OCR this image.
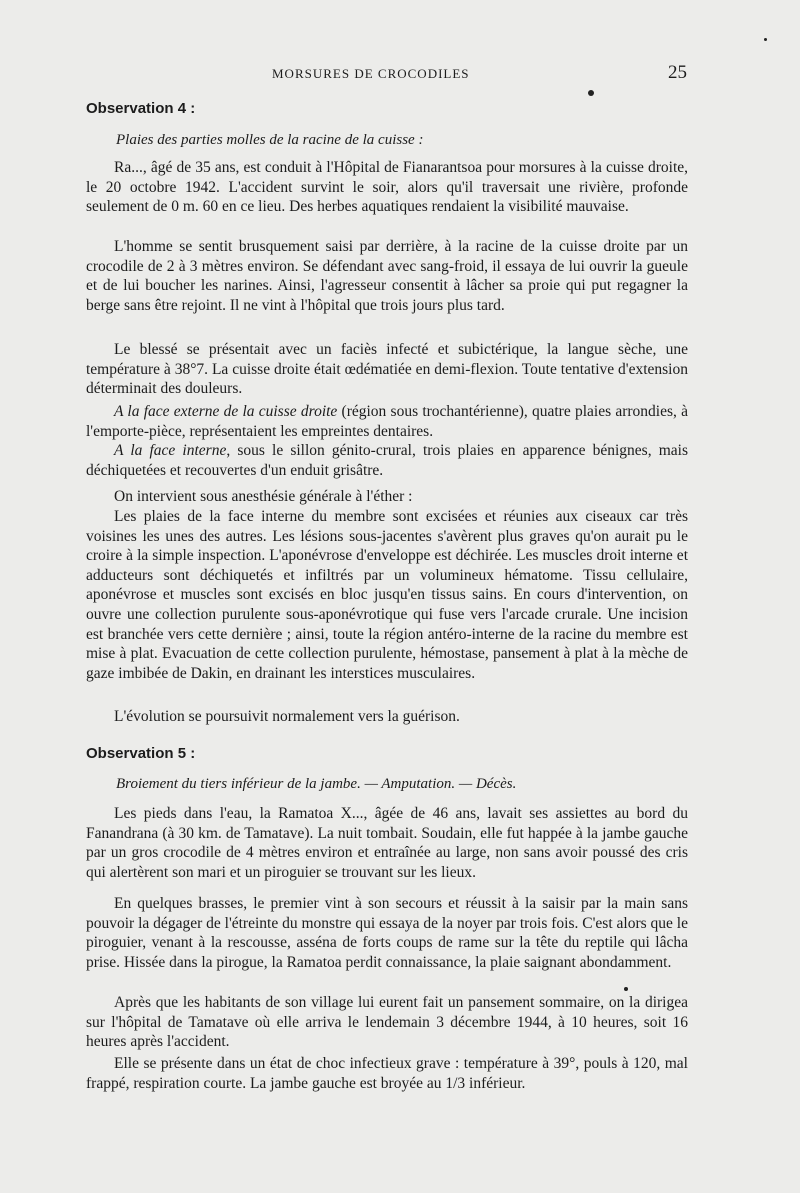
MORSURES DE CROCODILES	25
Observation 4 :
Plaies des parties molles de la racine de la cuisse :

Ra..., âgé de 35 ans, est conduit à l'Hôpital de Fianarantsoa pour morsures à la cuisse droite, le 20 octobre 1942. L'accident survint le soir, alors qu'il traversait une rivière, profonde seulement de 0 m. 60 en ce lieu. Des herbes aquatiques rendaient la visibilité mauvaise.

L'homme se sentit brusquement saisi par derrière, à la racine de la cuisse droite par un crocodile de 2 à 3 mètres environ. Se défendant avec sang-froid, il essaya de lui ouvrir la gueule et de lui boucher les narines. Ainsi, l'agresseur consentit à lâcher sa proie qui put regagner la berge sans être rejoint. Il ne vint à l'hôpital que trois jours plus tard.

Le blessé se présentait avec un faciès infecté et subictérique, la langue sèche, une température à 38°7. La cuisse droite était œdématiée en demi-flexion. Toute tentative d'extension déterminait des douleurs.

A la face externe de la cuisse droite (région sous trochantérienne), quatre plaies arrondies, à l'emporte-pièce, représentaient les empreintes dentaires.

A la face interne, sous le sillon génito-crural, trois plaies en apparence bénignes, mais déchiquetées et recouvertes d'un enduit grisâtre.

On intervient sous anesthésie générale à l'éther :

Les plaies de la face interne du membre sont excisées et réunies aux ciseaux car très voisines les unes des autres. Les lésions sous-jacentes s'avèrent plus graves qu'on aurait pu le croire à la simple inspection. L'aponévrose d'enveloppe est déchirée. Les muscles droit interne et adducteurs sont déchiquetés et infiltrés par un volumineux hématome. Tissu cellulaire, aponévrose et muscles sont excisés en bloc jusqu'en tissus sains. En cours d'intervention, on ouvre une collection purulente sous-aponévrotique qui fuse vers l'arcade crurale. Une incision est branchée vers cette dernière ; ainsi, toute la région antéro-interne de la racine du membre est mise à plat. Evacuation de cette collection purulente, hémostase, pansement à plat à la mèche de gaze imbibée de Dakin, en drainant les interstices musculaires.

L'évolution se poursuivit normalement vers la guérison.

Observation 5 :
Broiement du tiers inférieur de la jambe. — Amputation. — Décès.

Les pieds dans l'eau, la Ramatoa X..., âgée de 46 ans, lavait ses assiettes au bord du Fanandrana (à 30 km. de Tamatave). La nuit tombait. Soudain, elle fut happée à la jambe gauche par un gros crocodile de 4 mètres environ et entraînée au large, non sans avoir poussé des cris qui alertèrent son mari et un piroguier se trouvant sur les lieux.

En quelques brasses, le premier vint à son secours et réussit à la saisir par la main sans pouvoir la dégager de l'étreinte du monstre qui essaya de la noyer par trois fois. C'est alors que le piroguier, venant à la rescousse, asséna de forts coups de rame sur la tête du reptile qui lâcha prise. Hissée dans la pirogue, la Ramatoa perdit connaissance, la plaie saignant abondamment.

Après que les habitants de son village lui eurent fait un pansement sommaire, on la dirigea sur l'hôpital de Tamatave où elle arriva le lendemain 3 décembre 1944, à 10 heures, soit 16 heures après l'accident.

Elle se présente dans un état de choc infectieux grave : température à 39°, pouls à 120, mal frappé, respiration courte. La jambe gauche est broyée au 1/3 inférieur.
